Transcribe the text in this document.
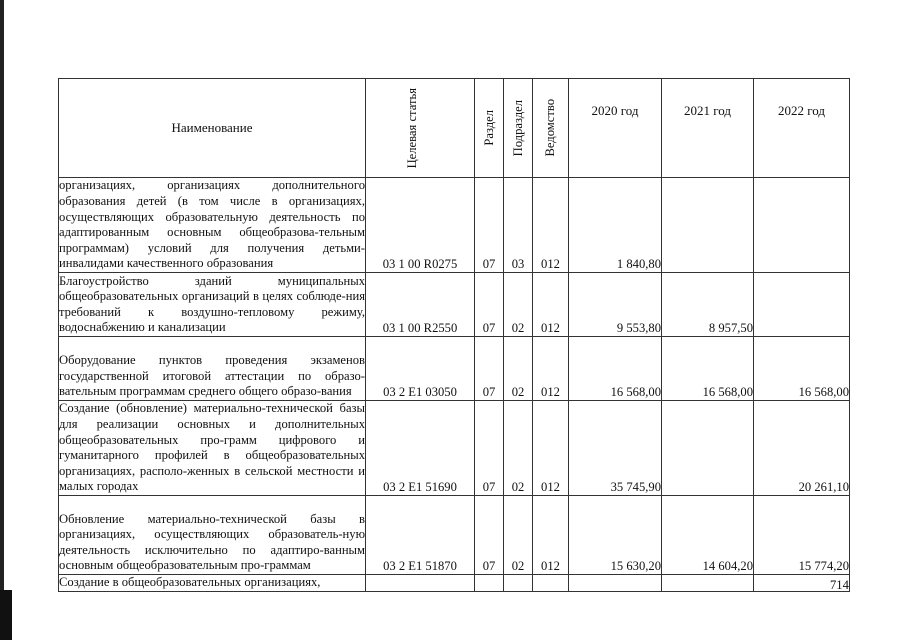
Наименование	Целевая статья	Раздел	Подраздел	Ведомство	2020 год	2021 год	2022 год
организациях, организациях дополнительного образования детей (в том числе в организациях, осуществляющих образовательную деятельность по адаптированным основным общеобразова-тельным программам) условий для получения детьми-инвалидами качественного образования	03 1 00 R0275	07	03	012	1 840,80		
Благоустройство зданий муниципальных общеобразовательных организаций в целях соблюде-ния требований к воздушно-тепловому режиму, водоснабжению и канализации	03 1 00 R2550	07	02	012	9 553,80	8 957,50	
Оборудование пунктов проведения экзаменов государственной итоговой аттестации по образо-вательным программам среднего общего образо-вания	03 2 E1 03050	07	02	012	16 568,00	16 568,00	16 568,00
Создание (обновление) материально-технической базы для реализации основных и дополнительных общеобразовательных про-грамм цифрового и гуманитарного профилей в общеобразовательных организациях, располо-женных в сельской местности и малых городах	03 2 E1 51690	07	02	012	35 745,90		20 261,10
Обновление материально-технической базы в организациях, осуществляющих образователь-ную деятельность исключительно по адаптиро-ванным основным общеобразовательным про-граммам	03 2 E1 51870	07	02	012	15 630,20	14 604,20	15 774,20
Создание в общеобразовательных организациях,								714
